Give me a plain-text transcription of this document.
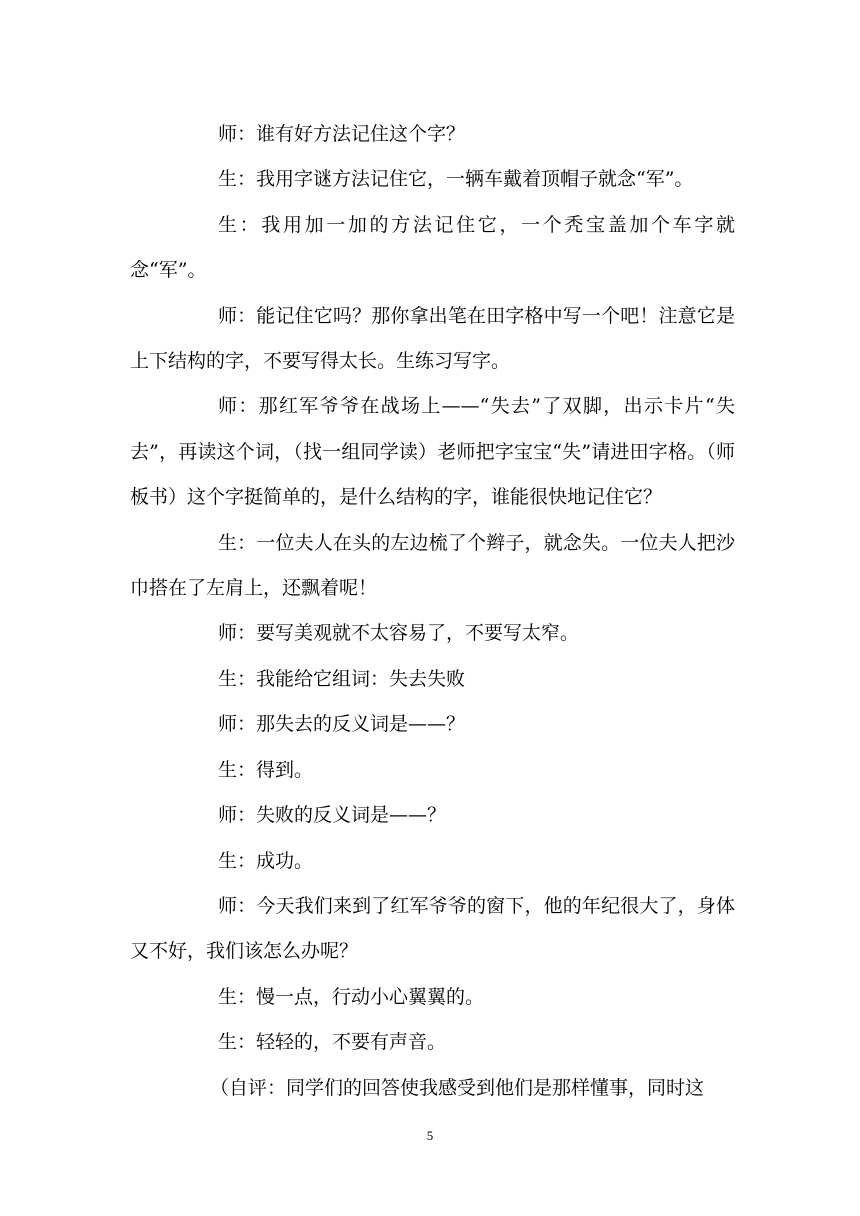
师：谁有好方法记住这个字？

生：我用字谜方法记住它，一辆车戴着顶帽子就念“军”。

生：我用加一加的方法记住它，一个秃宝盖加个车字就念“军”。

师：能记住它吗？那你拿出笔在田字格中写一个吧！注意它是上下结构的字，不要写得太长。生练习写字。

师：那红军爷爷在战场上——“失去”了双脚，出示卡片“失去”，再读这个词，（找一组同学读）老师把字宝宝“失”请进田字格。（师板书）这个字挺简单的，是什么结构的字，谁能很快地记住它？

生：一位夫人在头的左边梳了个辫子，就念失。一位夫人把沙巾搭在了左肩上，还飘着呢！

师：要写美观就不太容易了，不要写太窄。

生：我能给它组词：失去失败

师：那失去的反义词是——？

生：得到。

师：失败的反义词是——？

生：成功。

师：今天我们来到了红军爷爷的窗下，他的年纪很大了，身体又不好，我们该怎么办呢？

生：慢一点，行动小心翼翼的。

生：轻轻的，不要有声音。

（自评：同学们的回答使我感受到他们是那样懂事，同时这

5
